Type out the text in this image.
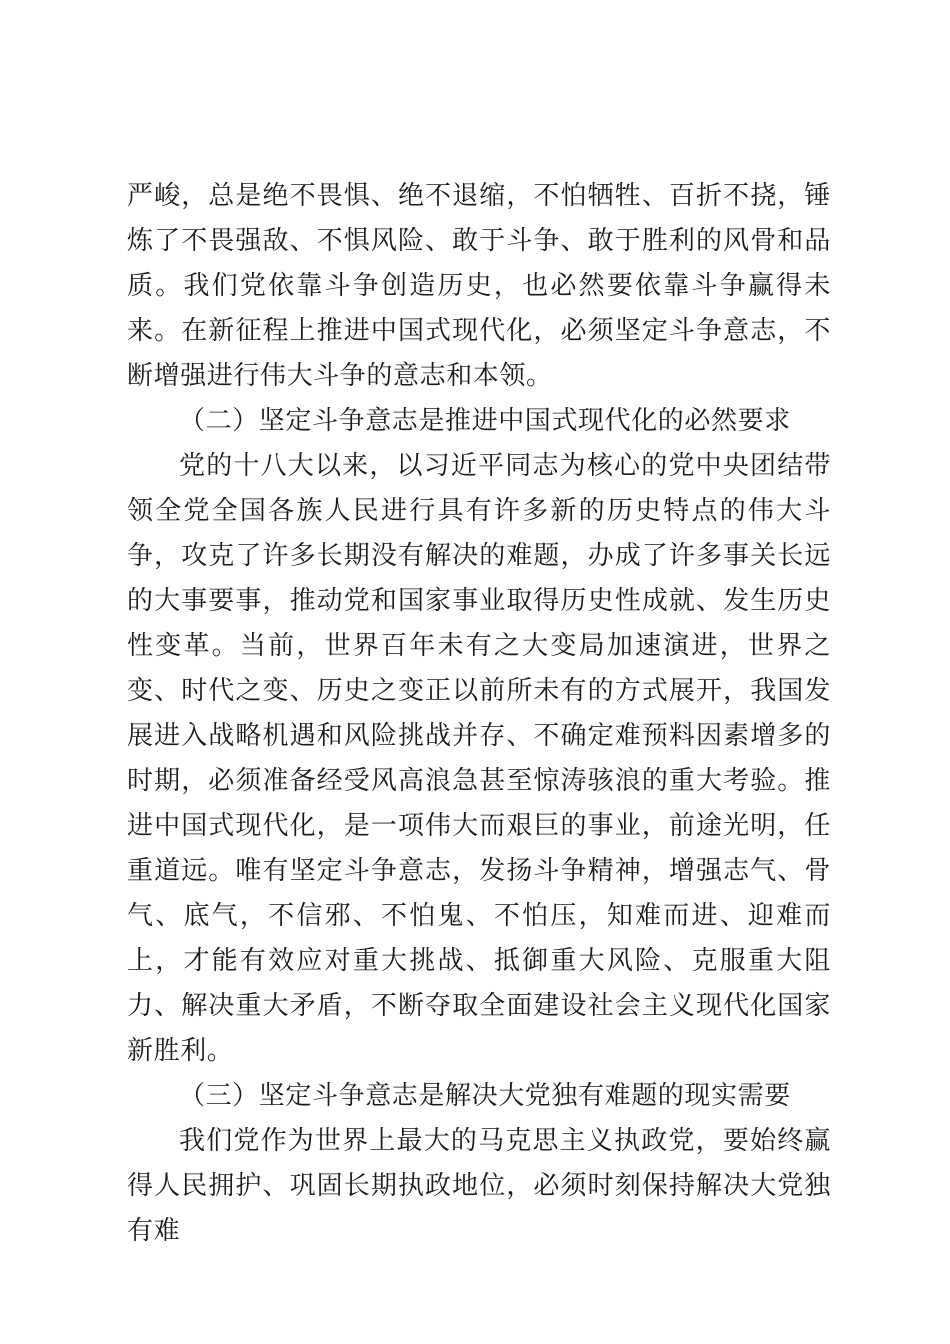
严峻，总是绝不畏惧、绝不退缩，不怕牺牲、百折不挠，锤炼了不畏强敌、不惧风险、敢于斗争、敢于胜利的风骨和品质。我们党依靠斗争创造历史，也必然要依靠斗争赢得未来。在新征程上推进中国式现代化，必须坚定斗争意志，不断增强进行伟大斗争的意志和本领。

（二）坚定斗争意志是推进中国式现代化的必然要求

党的十八大以来，以习近平同志为核心的党中央团结带领全党全国各族人民进行具有许多新的历史特点的伟大斗争，攻克了许多长期没有解决的难题，办成了许多事关长远的大事要事，推动党和国家事业取得历史性成就、发生历史性变革。当前，世界百年未有之大变局加速演进，世界之变、时代之变、历史之变正以前所未有的方式展开，我国发展进入战略机遇和风险挑战并存、不确定难预料因素增多的时期，必须准备经受风高浪急甚至惊涛骇浪的重大考验。推进中国式现代化，是一项伟大而艰巨的事业，前途光明，任重道远。唯有坚定斗争意志，发扬斗争精神，增强志气、骨气、底气，不信邪、不怕鬼、不怕压，知难而进、迎难而上，才能有效应对重大挑战、抵御重大风险、克服重大阻力、解决重大矛盾，不断夺取全面建设社会主义现代化国家新胜利。

（三）坚定斗争意志是解决大党独有难题的现实需要

我们党作为世界上最大的马克思主义执政党，要始终赢得人民拥护、巩固长期执政地位，必须时刻保持解决大党独有难
